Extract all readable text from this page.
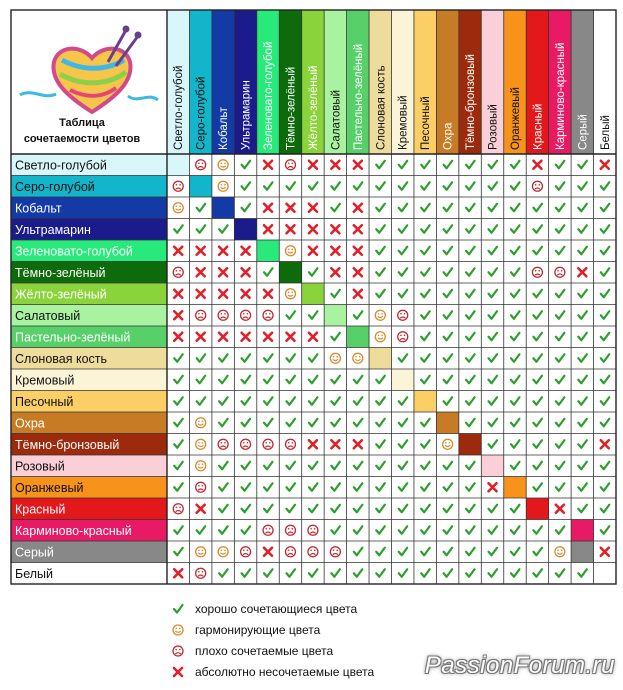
Таблица
сочетаемости цветов	Светло-голубой Серо-голубой Кобальт Ультрамарин Зеленовато-голубой Тёмно-зелёный Жёлто-зелёный Салатовый Пастельно-зелёный Слоновая кость Кремовый Песочный Охра Тёмно-бронзовый Розовый Оранжевый Красный Карминово-красный Серый Белый
Светло-голубой
Серо-голубой
Кобальт
Ультрамарин
Зеленовато-голубой
Тёмно-зелёный
Жёлто-зелёный
Салатовый
Пастельно-зелёный
Слоновая кость
Кремовый
Песочный
Охра
Тёмно-бронзовый
Розовый
Оранжевый
Красный
Карминово-красный
Серый
Белый
хорошо сочетающиеся цвета
гармонирующие цвета
плохо сочетаемые цвета
абсолютно несочетаемые цвета PassionForum.ru
